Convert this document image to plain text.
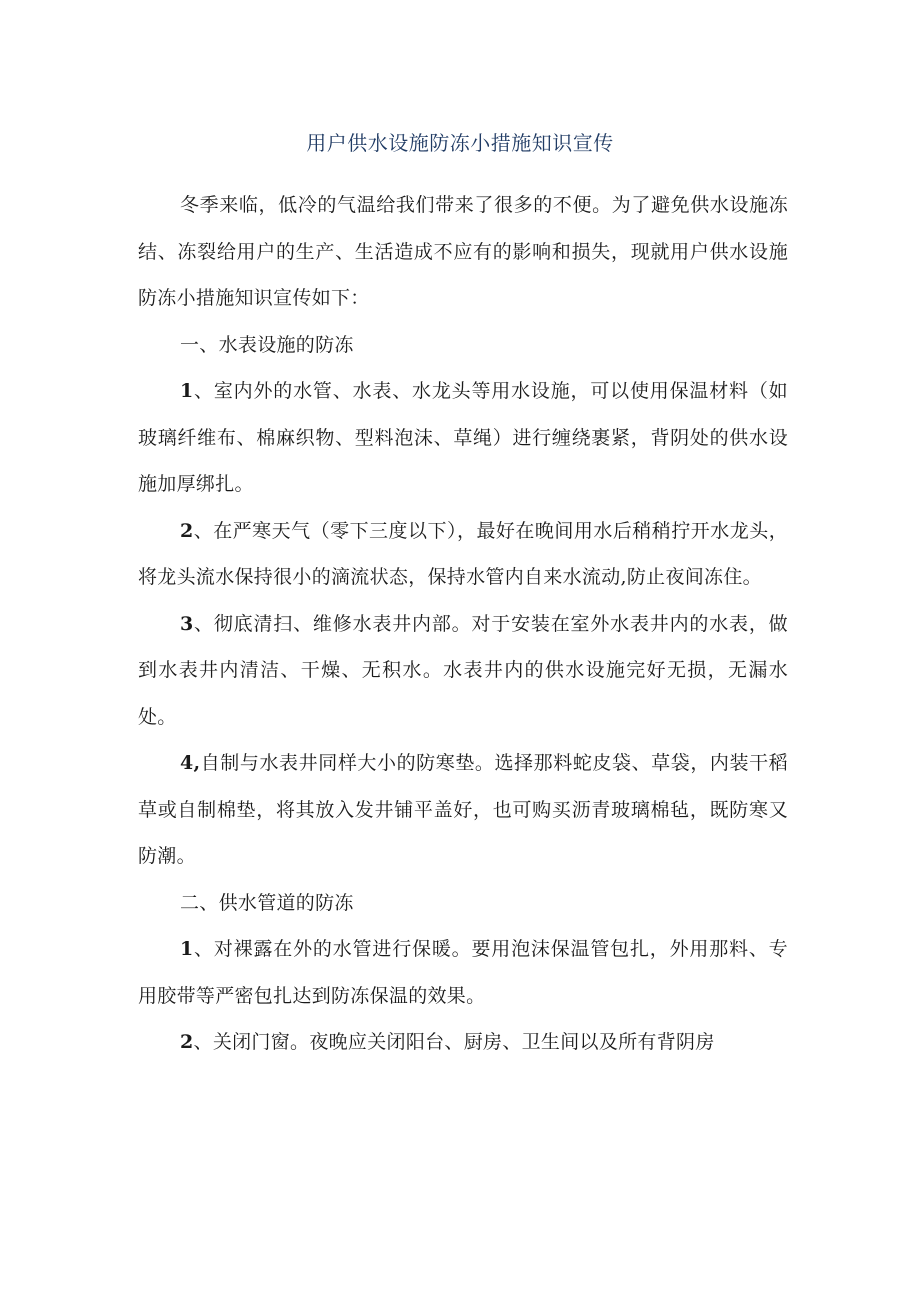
用户供水设施防冻小措施知识宣传

冬季来临，低冷的气温给我们带来了很多的不便。为了避免供水设施冻结、冻裂给用户的生产、生活造成不应有的影响和损失，现就用户供水设施防冻小措施知识宣传如下：

一、水表设施的防冻

1、室内外的水管、水表、水龙头等用水设施，可以使用保温材料（如玻璃纤维布、棉麻织物、型料泡沫、草绳）进行缠绕裹紧，背阴处的供水设施加厚绑扎。

2、在严寒天气（零下三度以下），最好在晚间用水后稍稍拧开水龙头，将龙头流水保持很小的滴流状态，保持水管内自来水流动,防止夜间冻住。

3、彻底清扫、维修水表井内部。对于安装在室外水表井内的水表，做到水表井内清洁、干燥、无积水。水表井内的供水设施完好无损，无漏水处。

4,自制与水表井同样大小的防寒垫。选择那料蛇皮袋、草袋，内装干稻草或自制棉垫，将其放入发井铺平盖好，也可购买沥青玻璃棉毡，既防寒又防潮。

二、供水管道的防冻

1、对裸露在外的水管进行保暖。要用泡沫保温管包扎，外用那料、专用胶带等严密包扎达到防冻保温的效果。

2、关闭门窗。夜晚应关闭阳台、厨房、卫生间以及所有背阴房
